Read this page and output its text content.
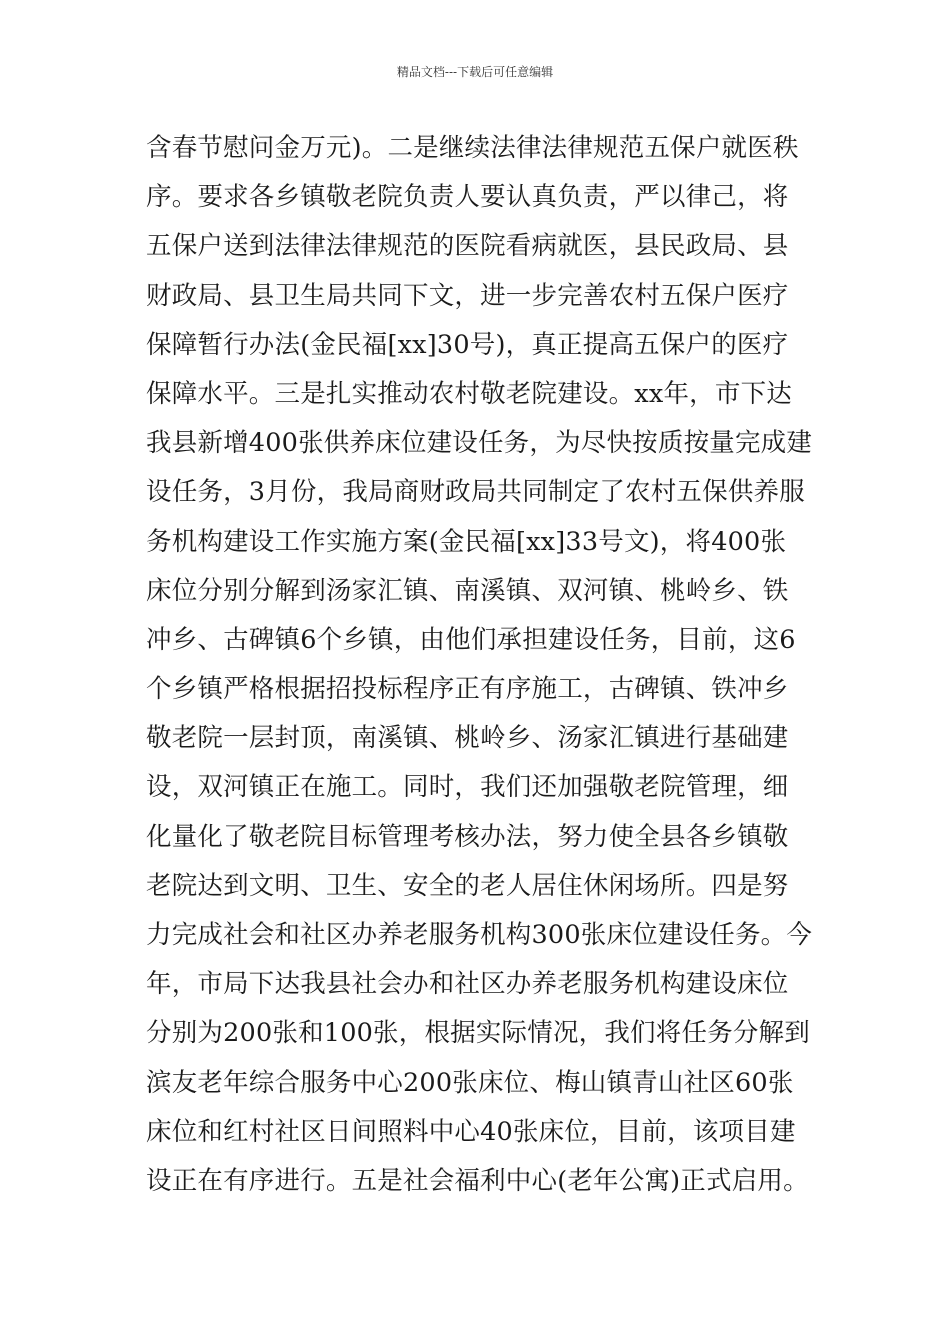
精品文档---下载后可任意编辑
含春节慰问金万元)。二是继续法律法律规范五保户就医秩
序。要求各乡镇敬老院负责人要认真负责，严以律己，将
五保户送到法律法律规范的医院看病就医，县民政局、县
财政局、县卫生局共同下文，进一步完善农村五保户医疗
保障暂行办法(金民福[xx]30号)，真正提高五保户的医疗
保障水平。三是扎实推动农村敬老院建设。xx年，市下达
我县新增400张供养床位建设任务，为尽快按质按量完成建
设任务，3月份，我局商财政局共同制定了农村五保供养服
务机构建设工作实施方案(金民福[xx]33号文)，将400张
床位分别分解到汤家汇镇、南溪镇、双河镇、桃岭乡、铁
冲乡、古碑镇6个乡镇，由他们承担建设任务，目前，这6
个乡镇严格根据招投标程序正有序施工，古碑镇、铁冲乡
敬老院一层封顶，南溪镇、桃岭乡、汤家汇镇进行基础建
设，双河镇正在施工。同时，我们还加强敬老院管理，细
化量化了敬老院目标管理考核办法，努力使全县各乡镇敬
老院达到文明、卫生、安全的老人居住休闲场所。四是努
力完成社会和社区办养老服务机构300张床位建设任务。今
年，市局下达我县社会办和社区办养老服务机构建设床位
分别为200张和100张，根据实际情况，我们将任务分解到
滨友老年综合服务中心200张床位、梅山镇青山社区60张
床位和红村社区日间照料中心40张床位，目前，该项目建
设正在有序进行。五是社会福利中心(老年公寓)正式启用。
